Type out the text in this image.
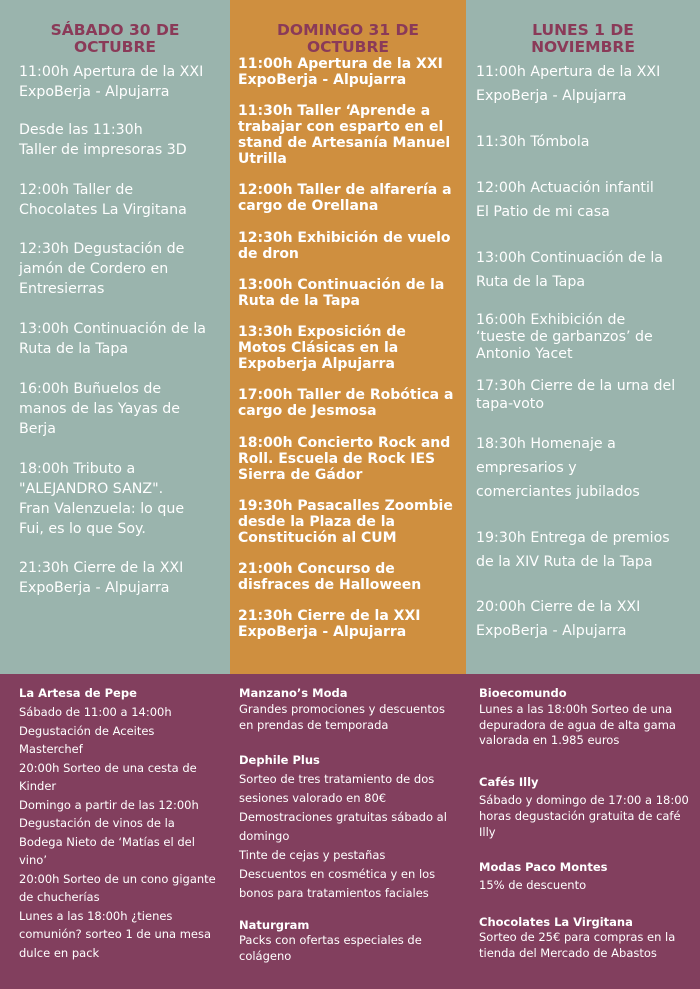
SÁBADO 30 DE
OCTUBRE

11:00h Apertura de la XXI
ExpoBerja - Alpujarra

Desde las 11:30h
Taller de impresoras 3D

12:00h Taller de
Chocolates La Virgitana

12:30h Degustación de
jamón de Cordero en
Entresierras

13:00h Continuación de la
Ruta de la Tapa

16:00h Buñuelos de
manos de las Yayas de
Berja

18:00h Tributo a
"ALEJANDRO SANZ".
Fran Valenzuela: lo que
Fui, es lo que Soy.

21:30h Cierre de la XXI
ExpoBerja - Alpujarra

DOMINGO 31 DE
OCTUBRE

11:00h Apertura de la XXI
ExpoBerja - Alpujarra

11:30h Taller ‘Aprende a
trabajar con esparto en el
stand de Artesanía Manuel
Utrilla

12:00h Taller de alfarería a
cargo de Orellana

12:30h Exhibición de vuelo
de dron

13:00h Continuación de la
Ruta de la Tapa

13:30h Exposición de
Motos Clásicas en la
Expoberja Alpujarra

17:00h Taller de Robótica a
cargo de Jesmosa

18:00h Concierto Rock and
Roll. Escuela de Rock IES
Sierra de Gádor

19:30h Pasacalles Zoombie
desde la Plaza de la
Constitución al CUM

21:00h Concurso de
disfraces de Halloween

21:30h Cierre de la XXI
ExpoBerja - Alpujarra

LUNES 1 DE
NOVIEMBRE

11:00h Apertura de la XXI
ExpoBerja - Alpujarra

11:30h Tómbola

12:00h Actuación infantil
El Patio de mi casa

13:00h Continuación de la
Ruta de la Tapa

16:00h Exhibición de
‘tueste de garbanzos’ de
Antonio Yacet

17:30h Cierre de la urna del
tapa-voto

18:30h Homenaje a
empresarios y
comerciantes jubilados

19:30h Entrega de premios
de la XIV Ruta de la Tapa

20:00h Cierre de la XXI
ExpoBerja - Alpujarra

La Artesa de Pepe

Sábado de 11:00 a 14:00h

Degustación de Aceites

Masterchef

20:00h Sorteo de una cesta de

Kinder

Domingo a partir de las 12:00h

Degustación de vinos de la

Bodega Nieto de ‘Matías el del

vino’

20:00h Sorteo de un cono gigante

de chucherías

Lunes a las 18:00h ¿tienes

comunión? sorteo 1 de una mesa

dulce en pack

Manzano’s Moda

Grandes promociones y descuentos

en prendas de temporada

Dephile Plus

Sorteo de tres tratamiento de dos

sesiones valorado en 80€

Demostraciones gratuitas sábado al

domingo

Tinte de cejas y pestañas

Descuentos en cosmética y en los

bonos para tratamientos faciales

Naturgram

Packs con ofertas especiales de

colágeno

Bioecomundo

Lunes a las 18:00h Sorteo de una

depuradora de agua de alta gama

valorada en 1.985 euros

Cafés Illy

Sábado y domingo de 17:00 a 18:00

horas degustación gratuita de café

Illy

Modas Paco Montes

15% de descuento

Chocolates La Virgitana

Sorteo de 25€ para compras en la

tienda del Mercado de Abastos
